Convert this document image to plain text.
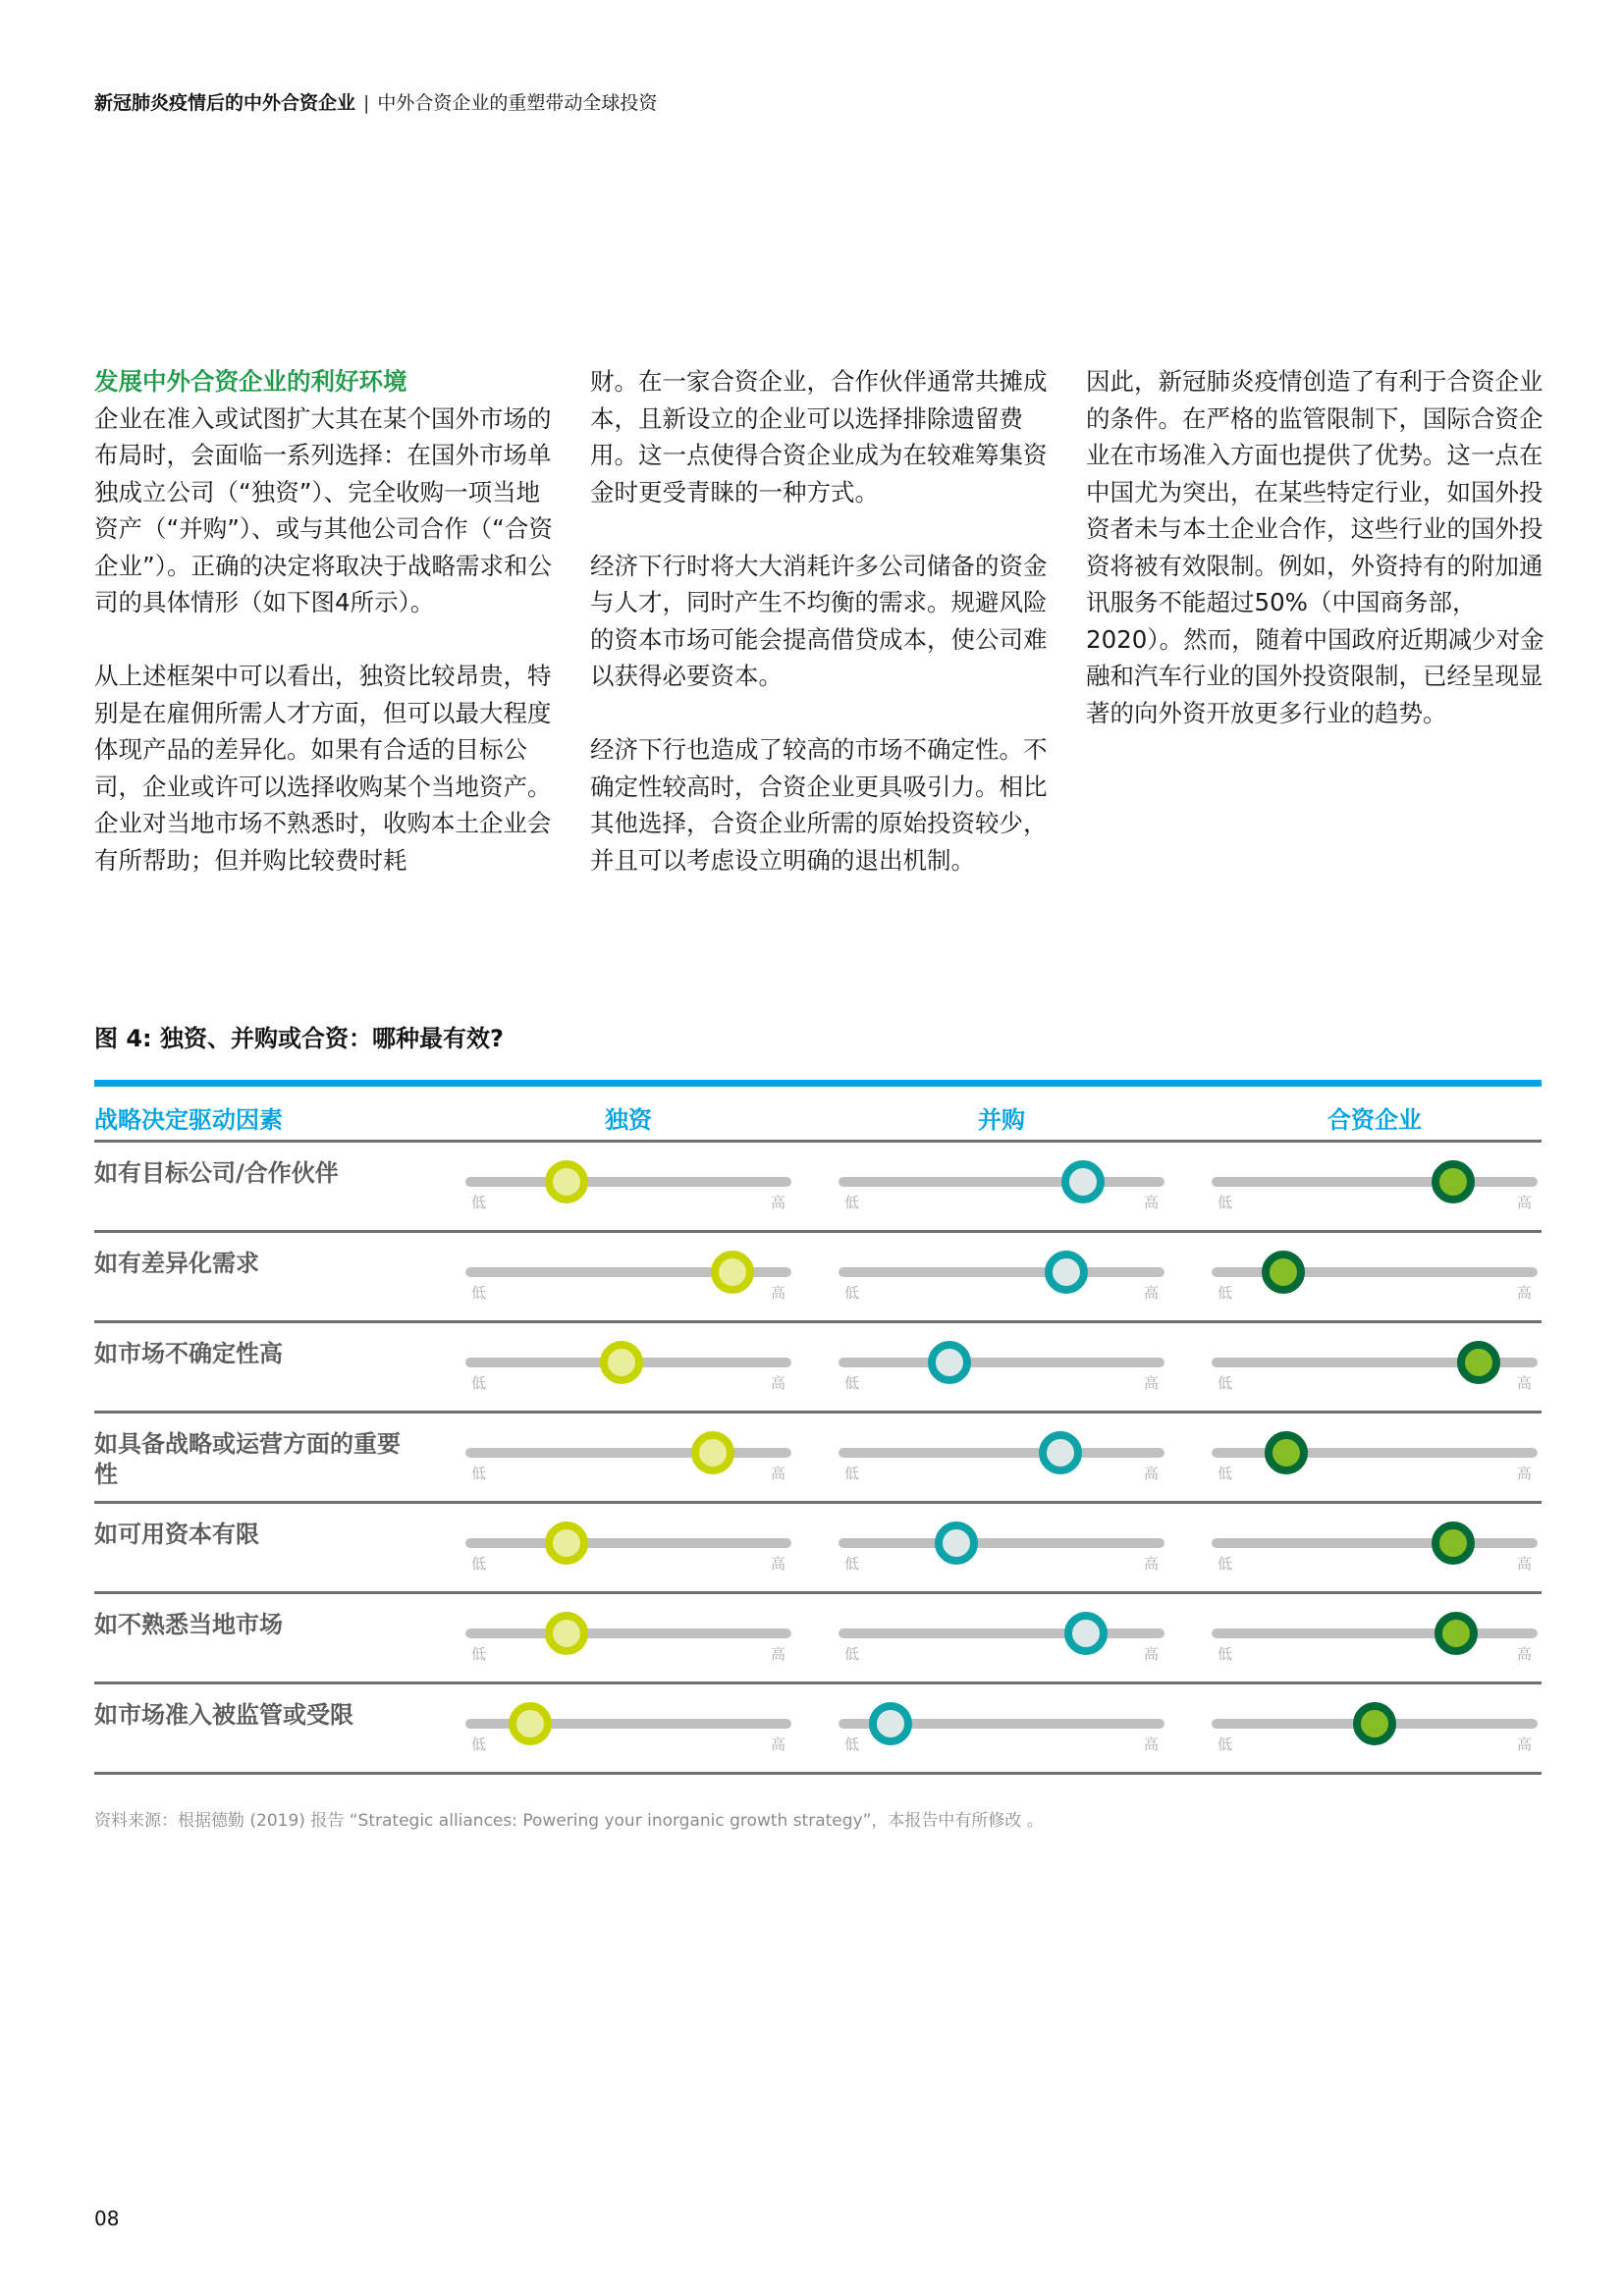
新冠肺炎疫情后的中外合资企业 | 中外合资企业的重塑带动全球投资
发展中外合资企业的利好环境

企业在准入或试图扩大其在某个国外市场的布局时，会面临一系列选择：在国外市场单独成立公司（“独资”）、完全收购一项当地资产（“并购”）、或与其他公司合作（“合资企业”）。正确的决定将取决于战略需求和公司的具体情形（如下图4所示）。

从上述框架中可以看出，独资比较昂贵，特别是在雇佣所需人才方面，但可以最大程度体现产品的差异化。如果有合适的目标公司，企业或许可以选择收购某个当地资产。企业对当地市场不熟悉时，收购本土企业会有所帮助；但并购比较费时耗

财。在一家合资企业，合作伙伴通常共摊成本，且新设立的企业可以选择排除遗留费用。这一点使得合资企业成为在较难筹集资金时更受青睐的一种方式。

经济下行时将大大消耗许多公司储备的资金与人才，同时产生不均衡的需求。规避风险的资本市场可能会提高借贷成本，使公司难以获得必要资本。

经济下行也造成了较高的市场不确定性。不确定性较高时，合资企业更具吸引力。相比其他选择，合资企业所需的原始投资较少，并且可以考虑设立明确的退出机制。

因此，新冠肺炎疫情创造了有利于合资企业的条件。在严格的监管限制下，国际合资企业在市场准入方面也提供了优势。这一点在中国尤为突出，在某些特定行业，如国外投资者未与本土企业合作，这些行业的国外投资将被有效限制。例如，外资持有的附加通讯服务不能超过50%（中国商务部，2020）。然而，随着中国政府近期减少对金融和汽车行业的国外投资限制，已经呈现显著的向外资开放更多行业的趋势。

图 4: 独资、并购或合资：哪种最有效?
战略决定驱动因素	独资	并购	合资企业
如有目标公司/合作伙伴
低	高	低	高	低	高
如有差异化需求
低	高	低	高	低	高
如市场不确定性高
低	高	低	高	低	高
如具备战略或运营方面的重要性	低	高	低	高	低	高
如可用资本有限
低	高	低	高	低	高
如不熟悉当地市场
低	高	低	高	低	高
如市场准入被监管或受限
低	高	低	高	低	高
资料来源：根据德勤 (2019) 报告 “Strategic alliances: Powering your inorganic growth strategy”，本报告中有所修改 。
08
